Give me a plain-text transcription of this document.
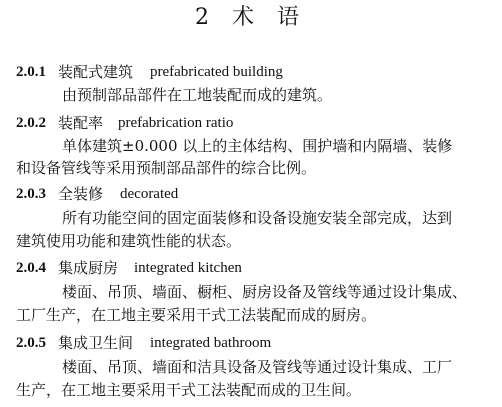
2 术 语
2.0.1 装配式建筑 prefabricated building
由预制部品部件在工地装配而成的建筑。
2.0.2 装配率 prefabrication ratio
单体建筑±0.000 以上的主体结构、围护墙和内隔墙、装修
和设备管线等采用预制部品部件的综合比例。
2.0.3 全装修 decorated
所有功能空间的固定面装修和设备设施安装全部完成，达到
建筑使用功能和建筑性能的状态。
2.0.4 集成厨房 integrated kitchen
楼面、吊顶、墙面、橱柜、厨房设备及管线等通过设计集成、
工厂生产，在工地主要采用干式工法装配而成的厨房。
2.0.5 集成卫生间 integrated bathroom
楼面、吊顶、墙面和洁具设备及管线等通过设计集成、工厂
生产，在工地主要采用干式工法装配而成的卫生间。
